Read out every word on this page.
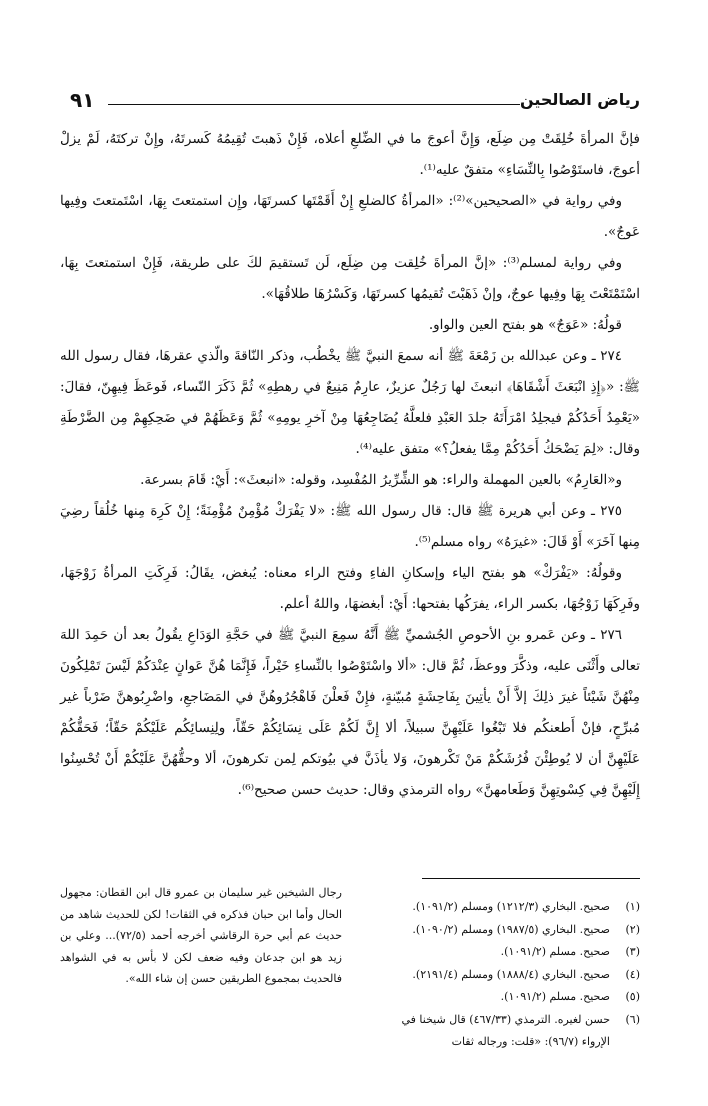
رياض الصالحين
٩١

فإنَّ المرأةَ خُلِقَتْ مِن ضِلَع، وَإِنَّ أعوجَ ما في الضِّلعِ أعلاه، فَإِنْ ذَهبتَ تُقِيمُهُ كَسرتَهُ، وإِنْ تركتَهُ، لَمْ يزلْ أعوجَ، فاستَوْصُوا بِالنِّسَاءِ» متفقٌ عليه⁽¹⁾.

وفي رواية في «الصحيحين»⁽²⁾: «المرأةُ كالضلعِ إِنْ أَقَمْتَها كسرتَهَا، وإِن استمتعتَ بِهَا، اسْتَمتعتَ وفِيها عَوجٌ».

وفي رواية لمسلم⁽³⁾: «إنَّ المرأةَ خُلِقت مِن ضِلَع، لَن تَستقيمَ لكَ على طريقة، فَإِنْ استمتعتَ بِهَا، اسْتَمْتَعْتَ بِهَا وفِيها عوجٌ، وإنْ ذَهَبْتَ تُقيمُها كسرتَهَا، وَكَسْرُهَا طلاقُهَا».

قولُهُ: «عَوَجٌ» هو بفتح العين والواو.

٢٧٤ ـ وعن عبدالله بن زَمْعَةَ ﷺ أنه سمعَ النبيَّ ﷺ يخْطُب، وذكر النّاقةَ والّذي عقرهَا، فقال رسول الله ﷺ: «﴿إِذِ انْبَعَثَ أَشْقَاهَا﴾ انبعثَ لها رَجُلٌ عزيزٌ، عارِمٌ مَنِيعٌ في رهطِهِ» ثُمَّ ذَكَرَ النّساء، فَوعَظَ فِيهِنّ، فقالَ: «يَعْمِدُ أَحَدُكُمْ فيجلِدُ امْرَأَتَهُ جلدَ العَبْدِ فلعلَّهُ يُضَاجِعُهَا مِنْ آخرِ يومِهِ» ثُمَّ وَعَظَهُمْ في ضَحِكِهِمْ مِن الضَّرْطَةِ وقال: «لِمَ يَضْحَكُ أَحَدُكُمْ مِمَّا يفعلُ؟» متفق عليه⁽⁴⁾.

و«العَارِمُ» بالعين المهملة والراء: هو الشِّرِّيرُ المُفْسِد، وقوله: «انبعثَ»: أَيْ: قَامَ بسرعة.

٢٧٥ ـ وعن أبي هريرة ﷺ قال: قال رسول الله ﷺ: «لا يَفْرَكْ مُؤْمِنٌ مُؤْمِنَةً؛ إِنْ كَرِهَ مِنها خُلُقاً رضِيَ مِنها آخَرَ» أَوْ قَالَ: «غيرَهُ» رواه مسلم⁽⁵⁾.

وقولُهُ: «يَفْرَكْ» هو بفتح الياء وإسكانِ الفاءِ وفتح الراء معناه: يُبغض، يقَالُ: فَرِكَتِ المرأةُ زَوْجَهَا، وفَرِكَهَا زَوْجُهَا، بكسر الراء، يفرَكُها بفتحها: أَيْ: أبغضهَا، واللهُ أعلم.

٢٧٦ ـ وعن عَمرو بنِ الأحوصِ الجُشميِّ ﷺ أَنَّهُ سمِعَ النبيَّ ﷺ في حَجَّةِ الوَدَاعِ يقُولُ بعد أن حَمِدَ اللهَ تعالى وأَثْنَى عليه، وذكَّرَ ووعظَ، ثُمَّ قال: «ألا واسْتَوْصُوا بالنِّساءِ خَيْراً، فَإِنَّمَا هُنَّ عَوانٍ عِنْدَكُمْ لَيْسَ تَمْلِكُونَ مِنْهُنَّ شَيْئاً غيرَ ذلِكَ إلاَّ أَنْ يأتِينَ بِفَاحِشَةٍ مُبيّنةٍ، فإِنْ فَعلْنَ فَاهْجُرُوهُنَّ في المَضَاجعِ، واضْرِبُوهنَّ ضَرْباً غير مُبرِّحٍ، فإنْ أَطعنكُم فلا تَبْغُوا عَلَيْهِنَّ سبيلاً، ألا إِنَّ لَكُمْ عَلَى نِسَائِكُمْ حَقّاً، ولِنِسائِكُم عَلَيْكُمْ حَقّاً؛ فَحَقُّكُمْ عَلَيْهِنَّ أن لا يُوطِئْنَ فُرُشَكُمْ مَنْ تَكْرهونَ، وَلا يأذَنَّ في بيُوتكم لِمن تكرهونَ، ألا وحقُّهُنَّ عَلَيْكُمْ أَنْ تُحْسِنُوا إِلَيْهِنَّ فِي كِسْوتِهِنَّ وَطَعامهنَّ» رواه الترمذي وقال: حديث حسن صحيح⁽⁶⁾.

(١)
صحيح. البخاري (١٢١٢/٣) ومسلم (١٠٩١/٢).
(٢)
صحيح. البخاري (١٩٨٧/٥) ومسلم (١٠٩٠/٢).
(٣)
صحيح. مسلم (١٠٩١/٢).
(٤)
صحيح. البخاري (١٨٨٨/٤) ومسلم (٢١٩١/٤).
(٥)
صحيح. مسلم (١٠٩١/٢).
(٦)
حسن لغيره. الترمذي (٤٦٧/٣٣) قال شيخنا في الإرواء (٩٦/٧): «قلت: ورجاله ثقات
رجال الشيخين غير سليمان بن عمرو قال ابن القطان: مجهول الحال وأما ابن حبان فذكره في الثقات! لكن للحديث شاهد من حديث عم أبي حرة الرقاشي أخرجه أحمد (٧٢/٥)... وعلي بن زيد هو ابن جدعان وفيه ضعف لكن لا بأس به في الشواهد فالحديث بمجموع الطريقين حسن إن شاء الله».
